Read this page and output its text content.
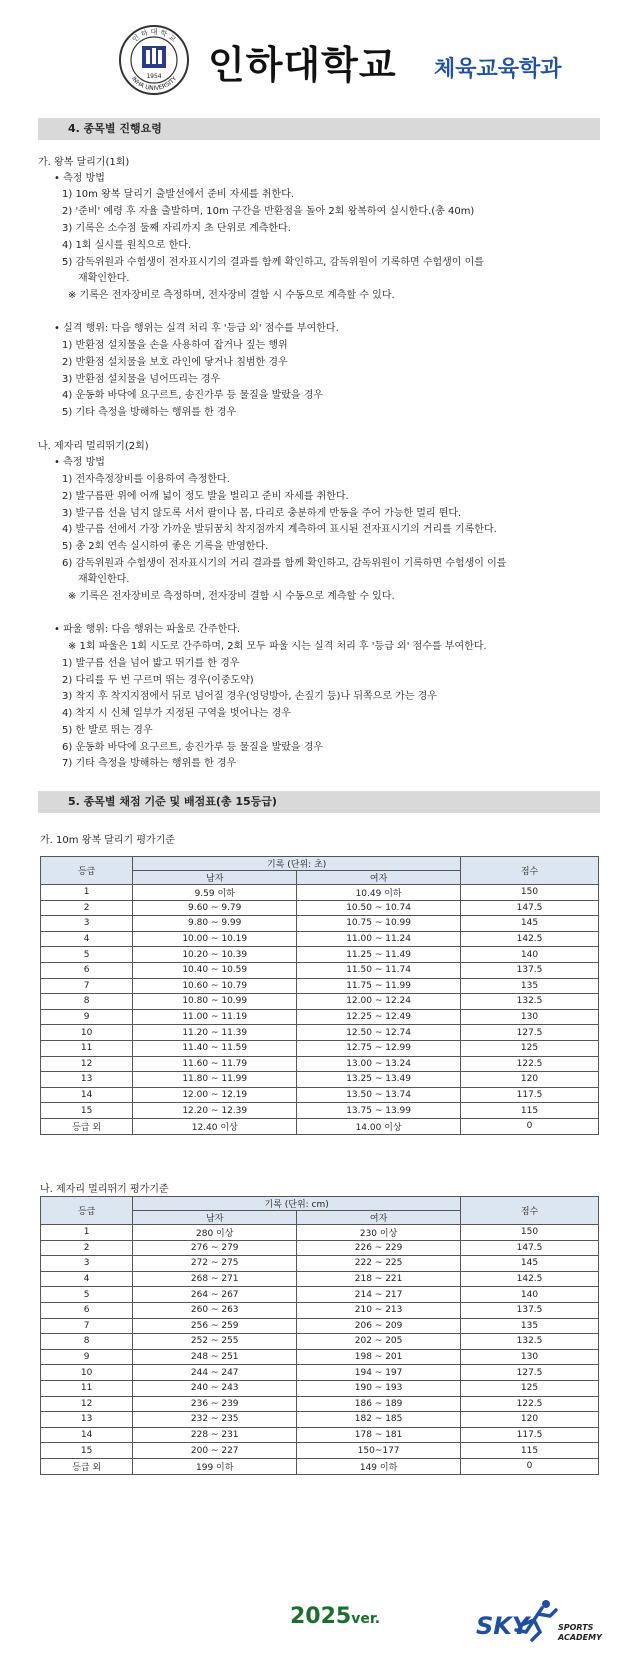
인 하 대 학 교
INHA UNIVERSITY
1954 인하대학교 체육교육학과
4. 종목별 진행요령
가. 왕복 달리기(1회)
• 측정 방법
1) 10m 왕복 달리기 출발선에서 준비 자세를 취한다.
2) '준비' 예령 후 자율 출발하며, 10m 구간을 반환점을 돌아 2회 왕복하여 실시한다.(총 40m)
3) 기록은 소수점 둘째 자리까지 초 단위로 계측한다.
4) 1회 실시를 원칙으로 한다.
5) 감독위원과 수험생이 전자표시기의 결과를 함께 확인하고, 감독위원이 기록하면 수험생이 이를
재확인한다.
※ 기록은 전자장비로 측정하며, 전자장비 결함 시 수동으로 계측할 수 있다.
• 실격 행위: 다음 행위는 실격 처리 후 '등급 외' 점수를 부여한다.
1) 반환점 설치물을 손을 사용하여 잡거나 짚는 행위
2) 반환점 설치물을 보호 라인에 닿거나 침범한 경우
3) 반환점 설치물을 넘어뜨리는 경우
4) 운동화 바닥에 요구르트, 송진가루 등 물질을 발랐을 경우
5) 기타 측정을 방해하는 행위를 한 경우
나. 제자리 멀리뛰기(2회)
• 측정 방법
1) 전자측정장비를 이용하여 측정한다.
2) 발구름판 위에 어깨 넓이 정도 발을 벌리고 준비 자세를 취한다.
3) 발구름 선을 넘지 않도록 서서 팔이나 몸, 다리로 충분하게 반동을 주어 가능한 멀리 뛴다.
4) 발구름 선에서 가장 가까운 발뒤꿈치 착지점까지 계측하여 표시된 전자표시기의 거리를 기록한다.
5) 총 2회 연속 실시하여 좋은 기록을 반영한다.
6) 감독위원과 수험생이 전자표시기의 거리 결과를 함께 확인하고, 감독위원이 기록하면 수험생이 이를
재확인한다.
※ 기록은 전자장비로 측정하며, 전자장비 결함 시 수동으로 계측할 수 있다.
• 파울 행위: 다음 행위는 파울로 간주한다.
※ 1회 파울은 1회 시도로 간주하며, 2회 모두 파울 시는 실격 처리 후 '등급 외' 점수를 부여한다.
1) 발구름 선을 넘어 밟고 뛰기를 한 경우
2) 다리를 두 번 구르며 뛰는 경우(이중도약)
3) 착지 후 착지지점에서 뒤로 넘어질 경우(엉덩방아, 손짚기 등)나 뒤쪽으로 가는 경우
4) 착지 시 신체 일부가 지정된 구역을 벗어나는 경우
5) 한 발로 뛰는 경우
6) 운동화 바닥에 요구르트, 송진가루 등 물질을 발랐을 경우
7) 기타 측정을 방해하는 행위를 한 경우
5. 종목별 채점 기준 및 배점표(총 15등급)
가. 10m 왕복 달리기 평가기준
등급	기록 (단위: 초)		점수
	남자	여자	
1	9.59 이하	10.49 이하	150
2	9.60 ~ 9.79	10.50 ~ 10.74	147.5
3	9.80 ~ 9.99	10.75 ~ 10.99	145
4	10.00 ~ 10.19	11.00 ~ 11.24	142.5
5	10.20 ~ 10.39	11.25 ~ 11.49	140
6	10.40 ~ 10.59	11.50 ~ 11.74	137.5
7	10.60 ~ 10.79	11.75 ~ 11.99	135
8	10.80 ~ 10.99	12.00 ~ 12.24	132.5
9	11.00 ~ 11.19	12.25 ~ 12.49	130
10	11.20 ~ 11.39	12.50 ~ 12.74	127.5
11	11.40 ~ 11.59	12.75 ~ 12.99	125
12	11.60 ~ 11.79	13.00 ~ 13.24	122.5
13	11.80 ~ 11.99	13.25 ~ 13.49	120
14	12.00 ~ 12.19	13.50 ~ 13.74	117.5
15	12.20 ~ 12.39	13.75 ~ 13.99	115
등급 외	12.40 이상	14.00 이상	0
나. 제자리 멀리뛰기 평가기준
등급	기록 (단위: cm)		점수
	남자	여자	
1	280 이상	230 이상	150
2	276 ~ 279	226 ~ 229	147.5
3	272 ~ 275	222 ~ 225	145
4	268 ~ 271	218 ~ 221	142.5
5	264 ~ 267	214 ~ 217	140
6	260 ~ 263	210 ~ 213	137.5
7	256 ~ 259	206 ~ 209	135
8	252 ~ 255	202 ~ 205	132.5
9	248 ~ 251	198 ~ 201	130
10	244 ~ 247	194 ~ 197	127.5
11	240 ~ 243	190 ~ 193	125
12	236 ~ 239	186 ~ 189	122.5
13	232 ~ 235	182 ~ 185	120
14	228 ~ 231	178 ~ 181	117.5
15	200 ~ 227	150~177	115
등급 외	199 이하	149 이하	0
2025ver.	SKY	SPORTS
ACADEMY
